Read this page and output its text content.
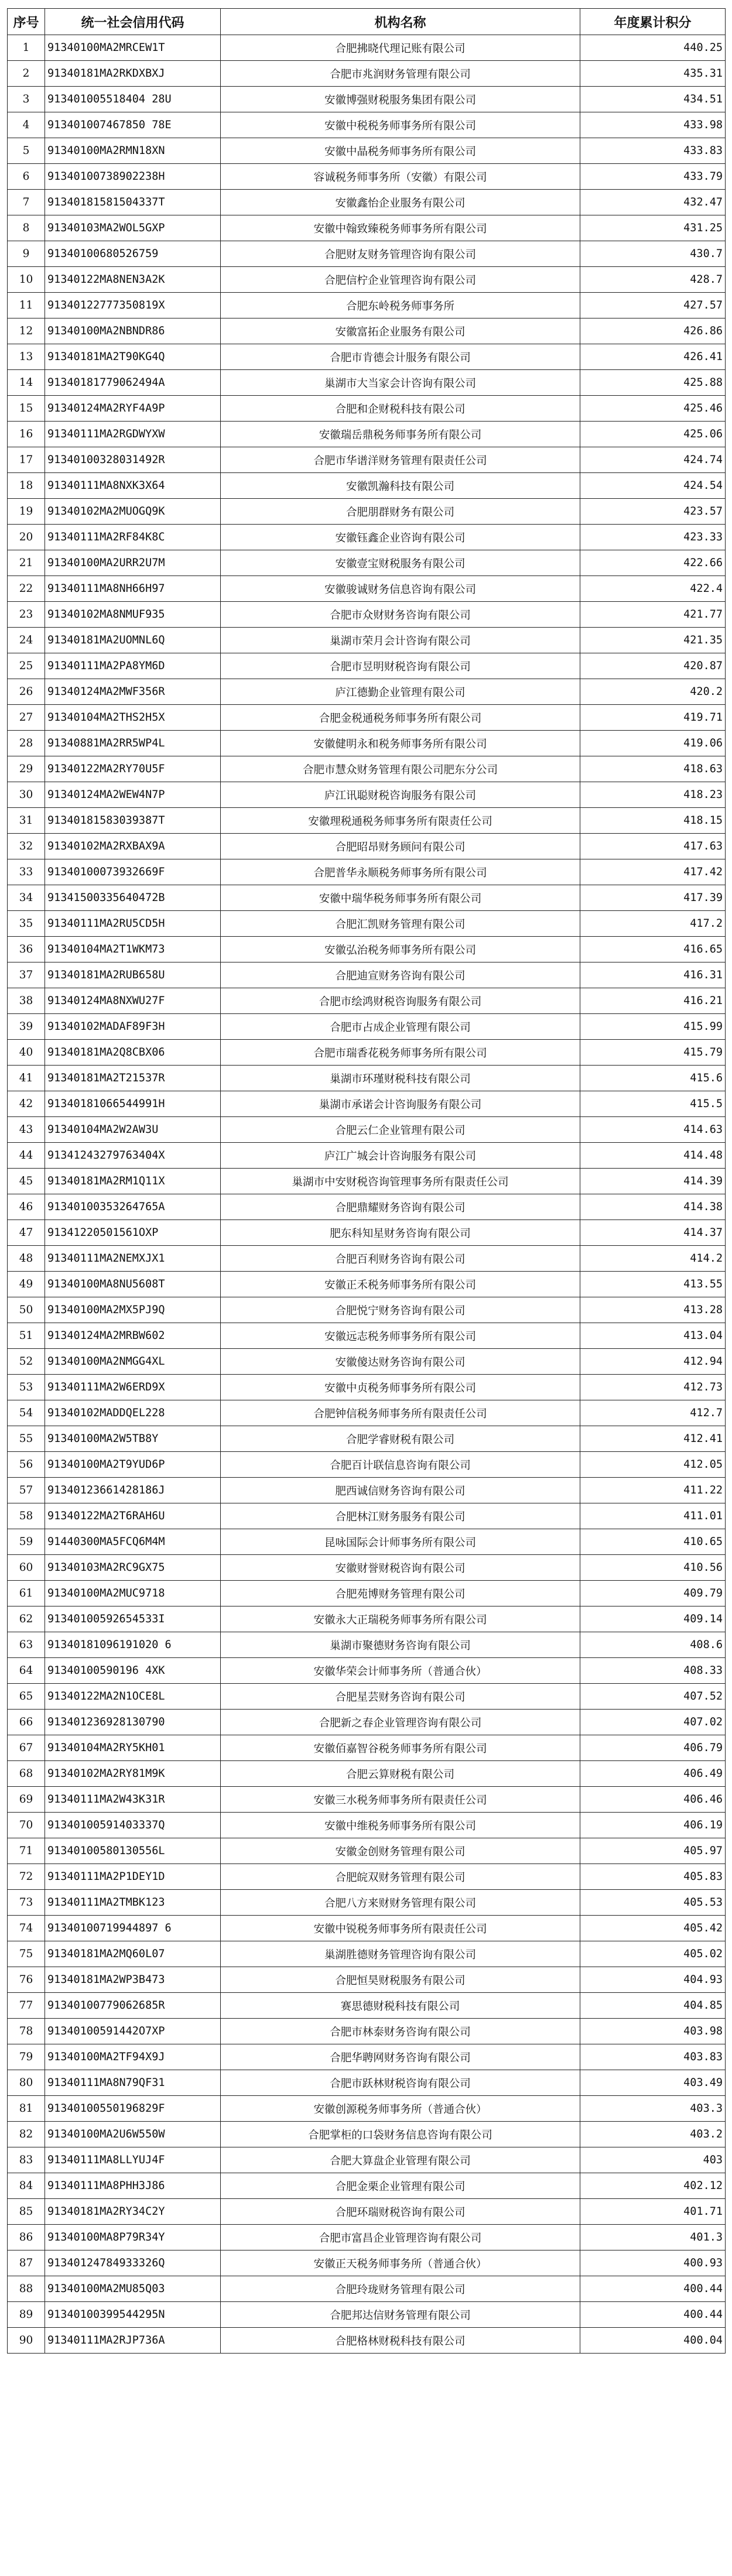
序号	统一社会信用代码	机构名称	年度累计积分
1	91340100MA2MRCEW1T	合肥拂晓代理记账有限公司	440.25
2	91340181MA2RKDXBXJ	合肥市兆润财务管理有限公司	435.31
3	913401005518404 28U	安徽博强财税服务集团有限公司	434.51
4	913401007467850 78E	安徽中税税务师事务所有限公司	433.98
5	91340100MA2RMN18XN	安徽中晶税务师事务所有限公司	433.83
6	91340100738902238H	容诚税务师事务所（安徽）有限公司	433.79
7	91340181581504337T	安徽鑫怡企业服务有限公司	432.47
8	91340103MA2WOL5GXP	安徽中翰致臻税务师事务所有限公司	431.25
9	91340100680526759	合肥财友财务管理咨询有限公司	430.7
10	91340122MA8NEN3A2K	合肥信柠企业管理咨询有限公司	428.7
11	91340122777350819X	合肥东岭税务师事务所	427.57
12	91340100MA2NBNDR86	安徽富拓企业服务有限公司	426.86
13	91340181MA2T90KG4Q	合肥市肯德会计服务有限公司	426.41
14	91340181779062494A	巢湖市大当家会计咨询有限公司	425.88
15	91340124MA2RYF4A9P	合肥和企财税科技有限公司	425.46
16	91340111MA2RGDWYXW	安徽瑞岳鼎税务师事务所有限公司	425.06
17	91340100328031492R	合肥市华谱洋财务管理有限责任公司	424.74
18	91340111MA8NXK3X64	安徽凯瀚科技有限公司	424.54
19	91340102MA2MUOGQ9K	合肥朋群财务有限公司	423.57
20	91340111MA2RF84K8C	安徽钰鑫企业咨询有限公司	423.33
21	91340100MA2URR2U7M	安徽壹宝财税服务有限公司	422.66
22	91340111MA8NH66H97	安徽骏诚财务信息咨询有限公司	422.4
23	91340102MA8NMUF935	合肥市众财财务咨询有限公司	421.77
24	91340181MA2UOMNL6Q	巢湖市荣月会计咨询有限公司	421.35
25	91340111MA2PA8YM6D	合肥市昱明财税咨询有限公司	420.87
26	91340124MA2MWF356R	庐江德勤企业管理有限公司	420.2
27	91340104MA2THS2H5X	合肥金税通税务师事务所有限公司	419.71
28	91340881MA2RR5WP4L	安徽健明永和税务师事务所有限公司	419.06
29	91340122MA2RY70U5F	合肥市慧众财务管理有限公司肥东分公司	418.63
30	91340124MA2WEW4N7P	庐江讯聪财税咨询服务有限公司	418.23
31	91340181583039387T	安徽理税通税务师事务所有限责任公司	418.15
32	91340102MA2RXBAX9A	合肥昭昂财务顾问有限公司	417.63
33	91340100073932669F	合肥普华永顺税务师事务所有限公司	417.42
34	91341500335640472B	安徽中瑞华税务师事务所有限公司	417.39
35	91340111MA2RU5CD5H	合肥汇凯财务管理有限公司	417.2
36	91340104MA2T1WKM73	安徽弘治税务师事务所有限公司	416.65
37	91340181MA2RUB658U	合肥迪宣财务咨询有限公司	416.31
38	91340124MA8NXWU27F	合肥市绘鸿财税咨询服务有限公司	416.21
39	91340102MADAF89F3H	合肥市占成企业管理有限公司	415.99
40	91340181MA2Q8CBX06	合肥市瑞香花税务师事务所有限公司	415.79
41	91340181MA2T21537R	巢湖市环瑾财税科技有限公司	415.6
42	91340181066544991H	巢湖市承诺会计咨询服务有限公司	415.5
43	91340104MA2W2AW3U	合肥云仁企业管理有限公司	414.63
44	91341243279763404X	庐江广城会计咨询服务有限公司	414.48
45	91340181MA2RM1Q11X	巢湖市中安财税咨询管理事务所有限责任公司	414.39
46	91340100353264765A	合肥鼎耀财务咨询有限公司	414.38
47	91341220501561OXP	肥东科知星财务咨询有限公司	414.37
48	91340111MA2NEMXJX1	合肥百利财务咨询有限公司	414.2
49	91340100MA8NU5608T	安徽正禾税务师事务所有限公司	413.55
50	91340100MA2MX5PJ9Q	合肥悦宁财务咨询有限公司	413.28
51	91340124MA2MRBW602	安徽远志税务师事务所有限公司	413.04
52	91340100MA2NMGG4XL	安徽傻达财务咨询有限公司	412.94
53	91340111MA2W6ERD9X	安徽中贞税务师事务所有限公司	412.73
54	91340102MADDQEL228	合肥钟信税务师事务所有限责任公司	412.7
55	91340100MA2W5TB8Y	合肥学睿财税有限公司	412.41
56	91340100MA2T9YUD6P	合肥百计联信息咨询有限公司	412.05
57	91340123661428186J	肥西诚信财务咨询有限公司	411.22
58	91340122MA2T6RAH6U	合肥林江财务服务有限公司	411.01
59	91440300MA5FCQ6M4M	昆咏国际会计师事务所有限公司	410.65
60	91340103MA2RC9GX75	安徽财誉财税咨询有限公司	410.56
61	91340100MA2MUC9718	合肥苑博财务管理有限公司	409.79
62	91340100592654533I	安徽永大正瑞税务师事务所有限公司	409.14
63	91340181096191020 6	巢湖市聚德财务咨询有限公司	408.6
64	91340100590196 4XK	安徽华荣会计师事务所（普通合伙）	408.33
65	91340122MA2N1OCE8L	合肥星芸财务咨询有限公司	407.52
66	913401236928130790	合肥新之春企业管理咨询有限公司	407.02
67	91340104MA2RY5KH01	安徽佰嘉智谷税务师事务所有限公司	406.79
68	91340102MA2RY81M9K	合肥云算财税有限公司	406.49
69	91340111MA2W43K31R	安徽三水税务师事务所有限责任公司	406.46
70	91340100591403337Q	安徽中维税务师事务所有限公司	406.19
71	91340100580130556L	安徽金创财务管理有限公司	405.97
72	91340111MA2P1DEY1D	合肥皖双财务管理有限公司	405.83
73	91340111MA2TMBK123	合肥八方来财财务管理有限公司	405.53
74	91340100719944897 6	安徽中锐税务师事务所有限责任公司	405.42
75	91340181MA2MQ60L07	巢湖胜德财务管理咨询有限公司	405.02
76	91340181MA2WP3B473	合肥恒昊财税服务有限公司	404.93
77	91340100779062685R	赛思德财税科技有限公司	404.85
78	91340100591442O7XP	合肥市林泰财务咨询有限公司	403.98
79	91340100MA2TF94X9J	合肥华聘网财务咨询有限公司	403.83
80	91340111MA8N79QF31	合肥市跃林财税咨询有限公司	403.49
81	91340100550196829F	安徽创源税务师事务所（普通合伙）	403.3
82	91340100MA2U6W550W	合肥掌柜的口袋财务信息咨询有限公司	403.2
83	91340111MA8LLYUJ4F	合肥大算盘企业管理有限公司	403
84	91340111MA8PHH3J86	合肥金栗企业管理有限公司	402.12
85	91340181MA2RY34C2Y	合肥环瑞财税咨询有限公司	401.71
86	91340100MA8P79R34Y	合肥市富昌企业管理咨询有限公司	401.3
87	91340124784933326Q	安徽正天税务师事务所（普通合伙）	400.93
88	91340100MA2MU85Q03	合肥玲珑财务管理有限公司	400.44
89	91340100399544295N	合肥邦达信财务管理有限公司	400.44
90	91340111MA2RJP736A	合肥格林财税科技有限公司	400.04
